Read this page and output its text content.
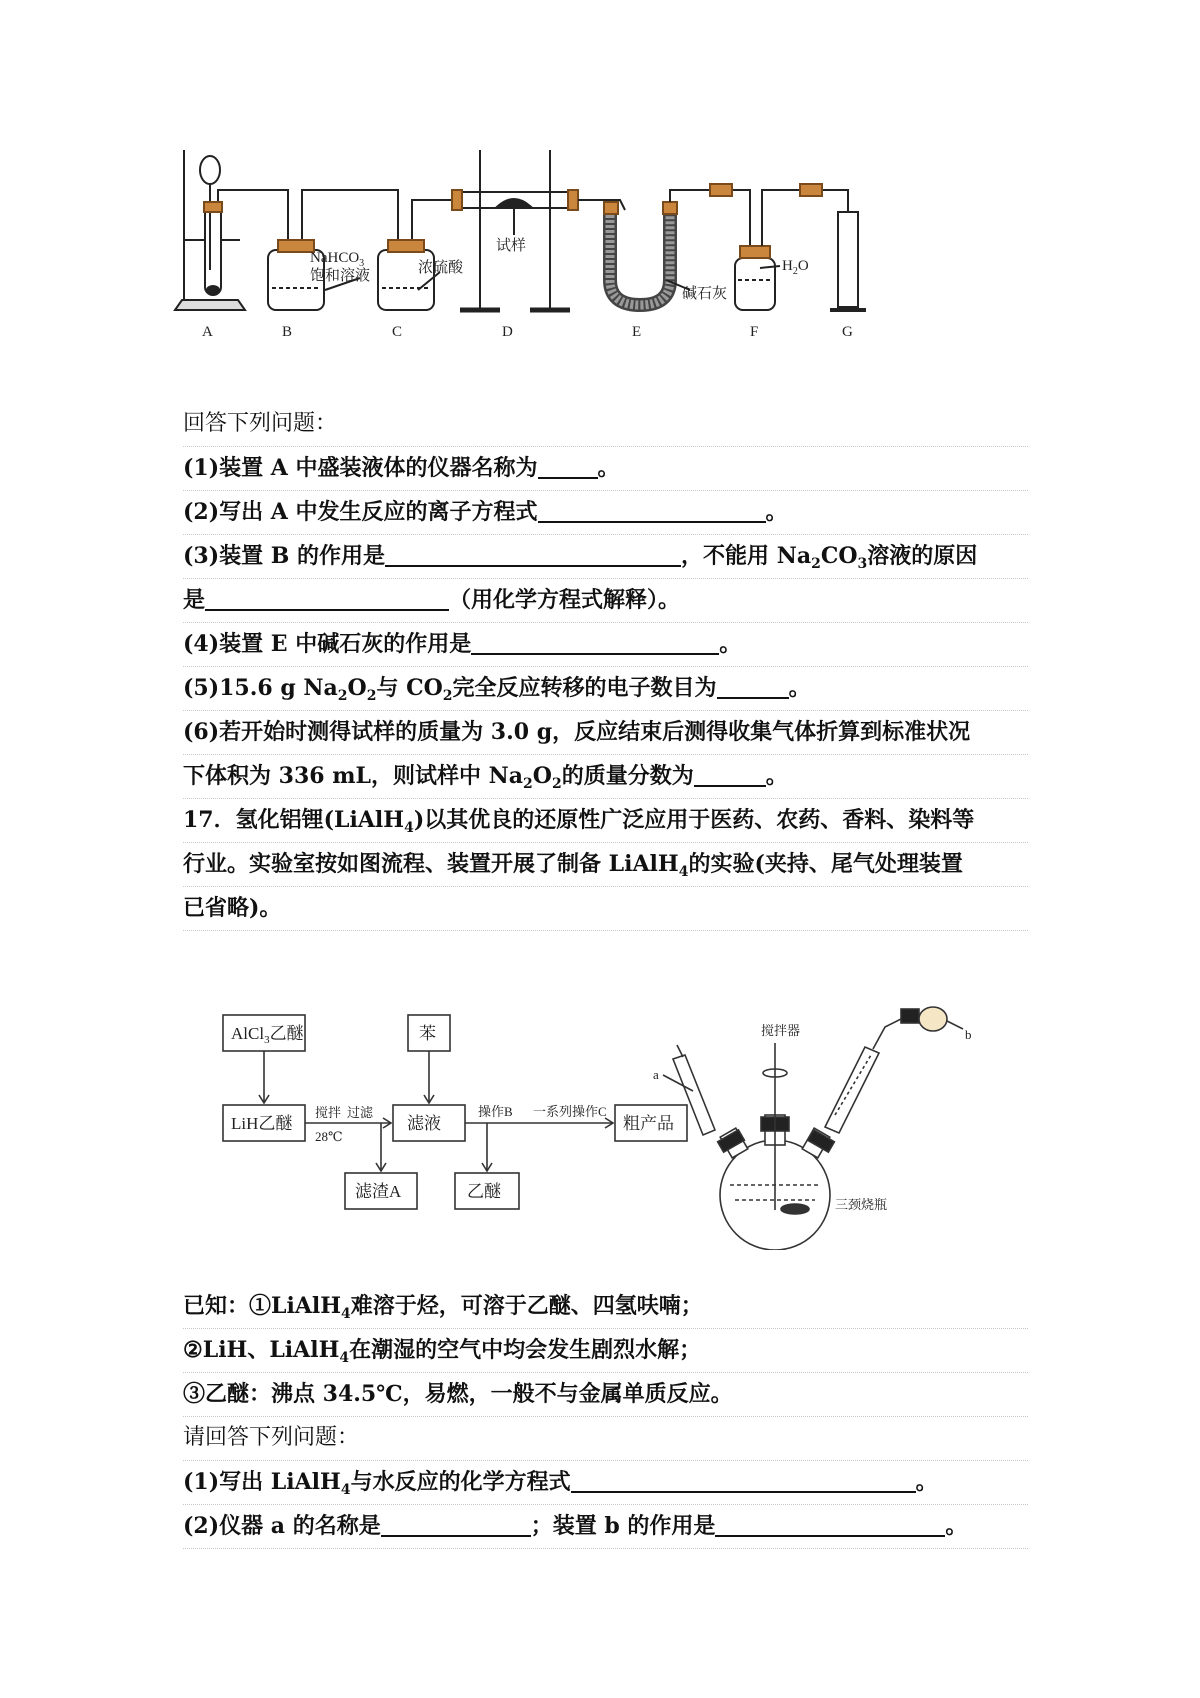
NaHCO$_3$
饱和溶液	浓硫酸
试样
碱石灰
$H_2O$
A	B	C	D	E	F	G
回答下列问题：
(1)装置 A 中盛装液体的仪器名称为	。
(2)写出 A 中发生反应的离子方程式	。
(3)装置 B 的作用是	，不能用 $Na_2CO_3$溶液的原因
是	（用化学方程式解释）。
(4)装置 E 中碱石灰的作用是	。
(5)15.6 g $Na_2O_2$与 $CO_2$完全反应转移的电子数目为	。
(6)若开始时测得试样的质量为 3.0 g，反应结束后测得收集气体折算到标准状况
下体积为 336 mL，则试样中 $Na_2O_2$的质量分数为	。
17．氢化铝锂(LiAlH$_4$)以其优良的还原性广泛应用于医药、农药、香料、染料等
行业。实验室按如图流程、装置开展了制备 LiAlH$_4$的实验(夹持、尾气处理装置
已省略)。
AlCl$_3$乙醚
LiH乙醚
苯
滤液	粗产品
滤渣A	乙醚
搅拌
28℃
过滤	操作B 一系列操作C
搅拌器
a
b
三颈烧瓶
已知：①LiAlH$_4$难溶于烃，可溶于乙醚、四氢呋喃；
②LiH、LiAlH$_4$在潮湿的空气中均会发生剧烈水解；
③乙醚：沸点 34.5℃，易燃，一般不与金属单质反应。
请回答下列问题：
(1)写出 LiAlH$_4$与水反应的化学方程式	。
(2)仪器 a 的名称是	；装置 b 的作用是	。
